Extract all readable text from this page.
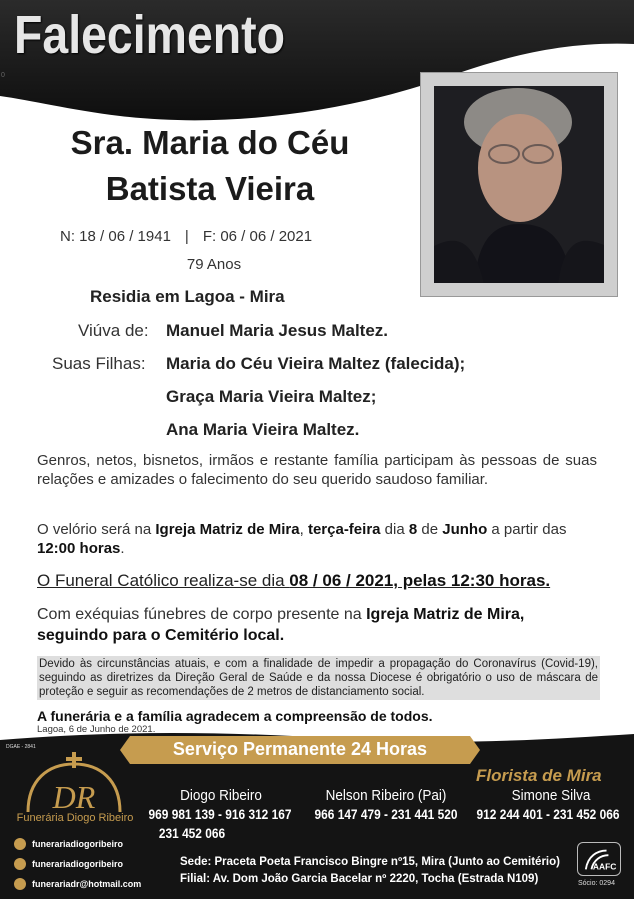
Falecimento
0
Sra. Maria do Céu
Batista Vieira
N: 18 / 06 / 1941 | F: 06 / 06 / 2021
79 Anos
Residia em Lagoa - Mira
Viúva de: Manuel Maria Jesus Maltez.
Suas Filhas: Maria do Céu Vieira Maltez (falecida);
Graça Maria Vieira Maltez;
Ana Maria Vieira Maltez.
Genros, netos, bisnetos, irmãos e restante família participam às pessoas de suas relações e amizades o falecimento do seu querido saudoso familiar.
O velório será na Igreja Matriz de Mira, terça-feira dia 8 de Junho a partir das 12:00 horas.
O Funeral Católico realiza-se dia 08 / 06 / 2021, pelas 12:30 horas.
Com exéquias fúnebres de corpo presente na Igreja Matriz de Mira,
seguindo para o Cemitério local.
Devido às circunstâncias atuais, e com a finalidade de impedir a propagação do Coronavírus (Covid-19), seguindo as diretrizes da Direção Geral de Saúde e da nossa Diocese é obrigatório o uso de máscara de proteção e seguir as recomendações de 2 metros de distanciamento social.
A funerária e a família agradecem a compreensão de todos.
Lagoa, 6 de Junho de 2021.
DGAE - 2841	Serviço Permanente 24 Horas
DR
Funerária Diogo Ribeiro
funerariadiogoribeiro
funerariadiogoribeiro
funerariadr@hotmail.com
Diogo Ribeiro
969 981 139 - 916 312 167
231 452 066
Nelson Ribeiro (Pai)
966 147 479 - 231 441 520
Florista de Mira
Simone Silva
912 244 401 - 231 452 066
Sede: Praceta Poeta Francisco Bingre nº15, Mira (Junto ao Cemitério)
Filial: Av. Dom João Garcia Bacelar nº 2220, Tocha (Estrada N109)
AAFC
Sócio: 0294
